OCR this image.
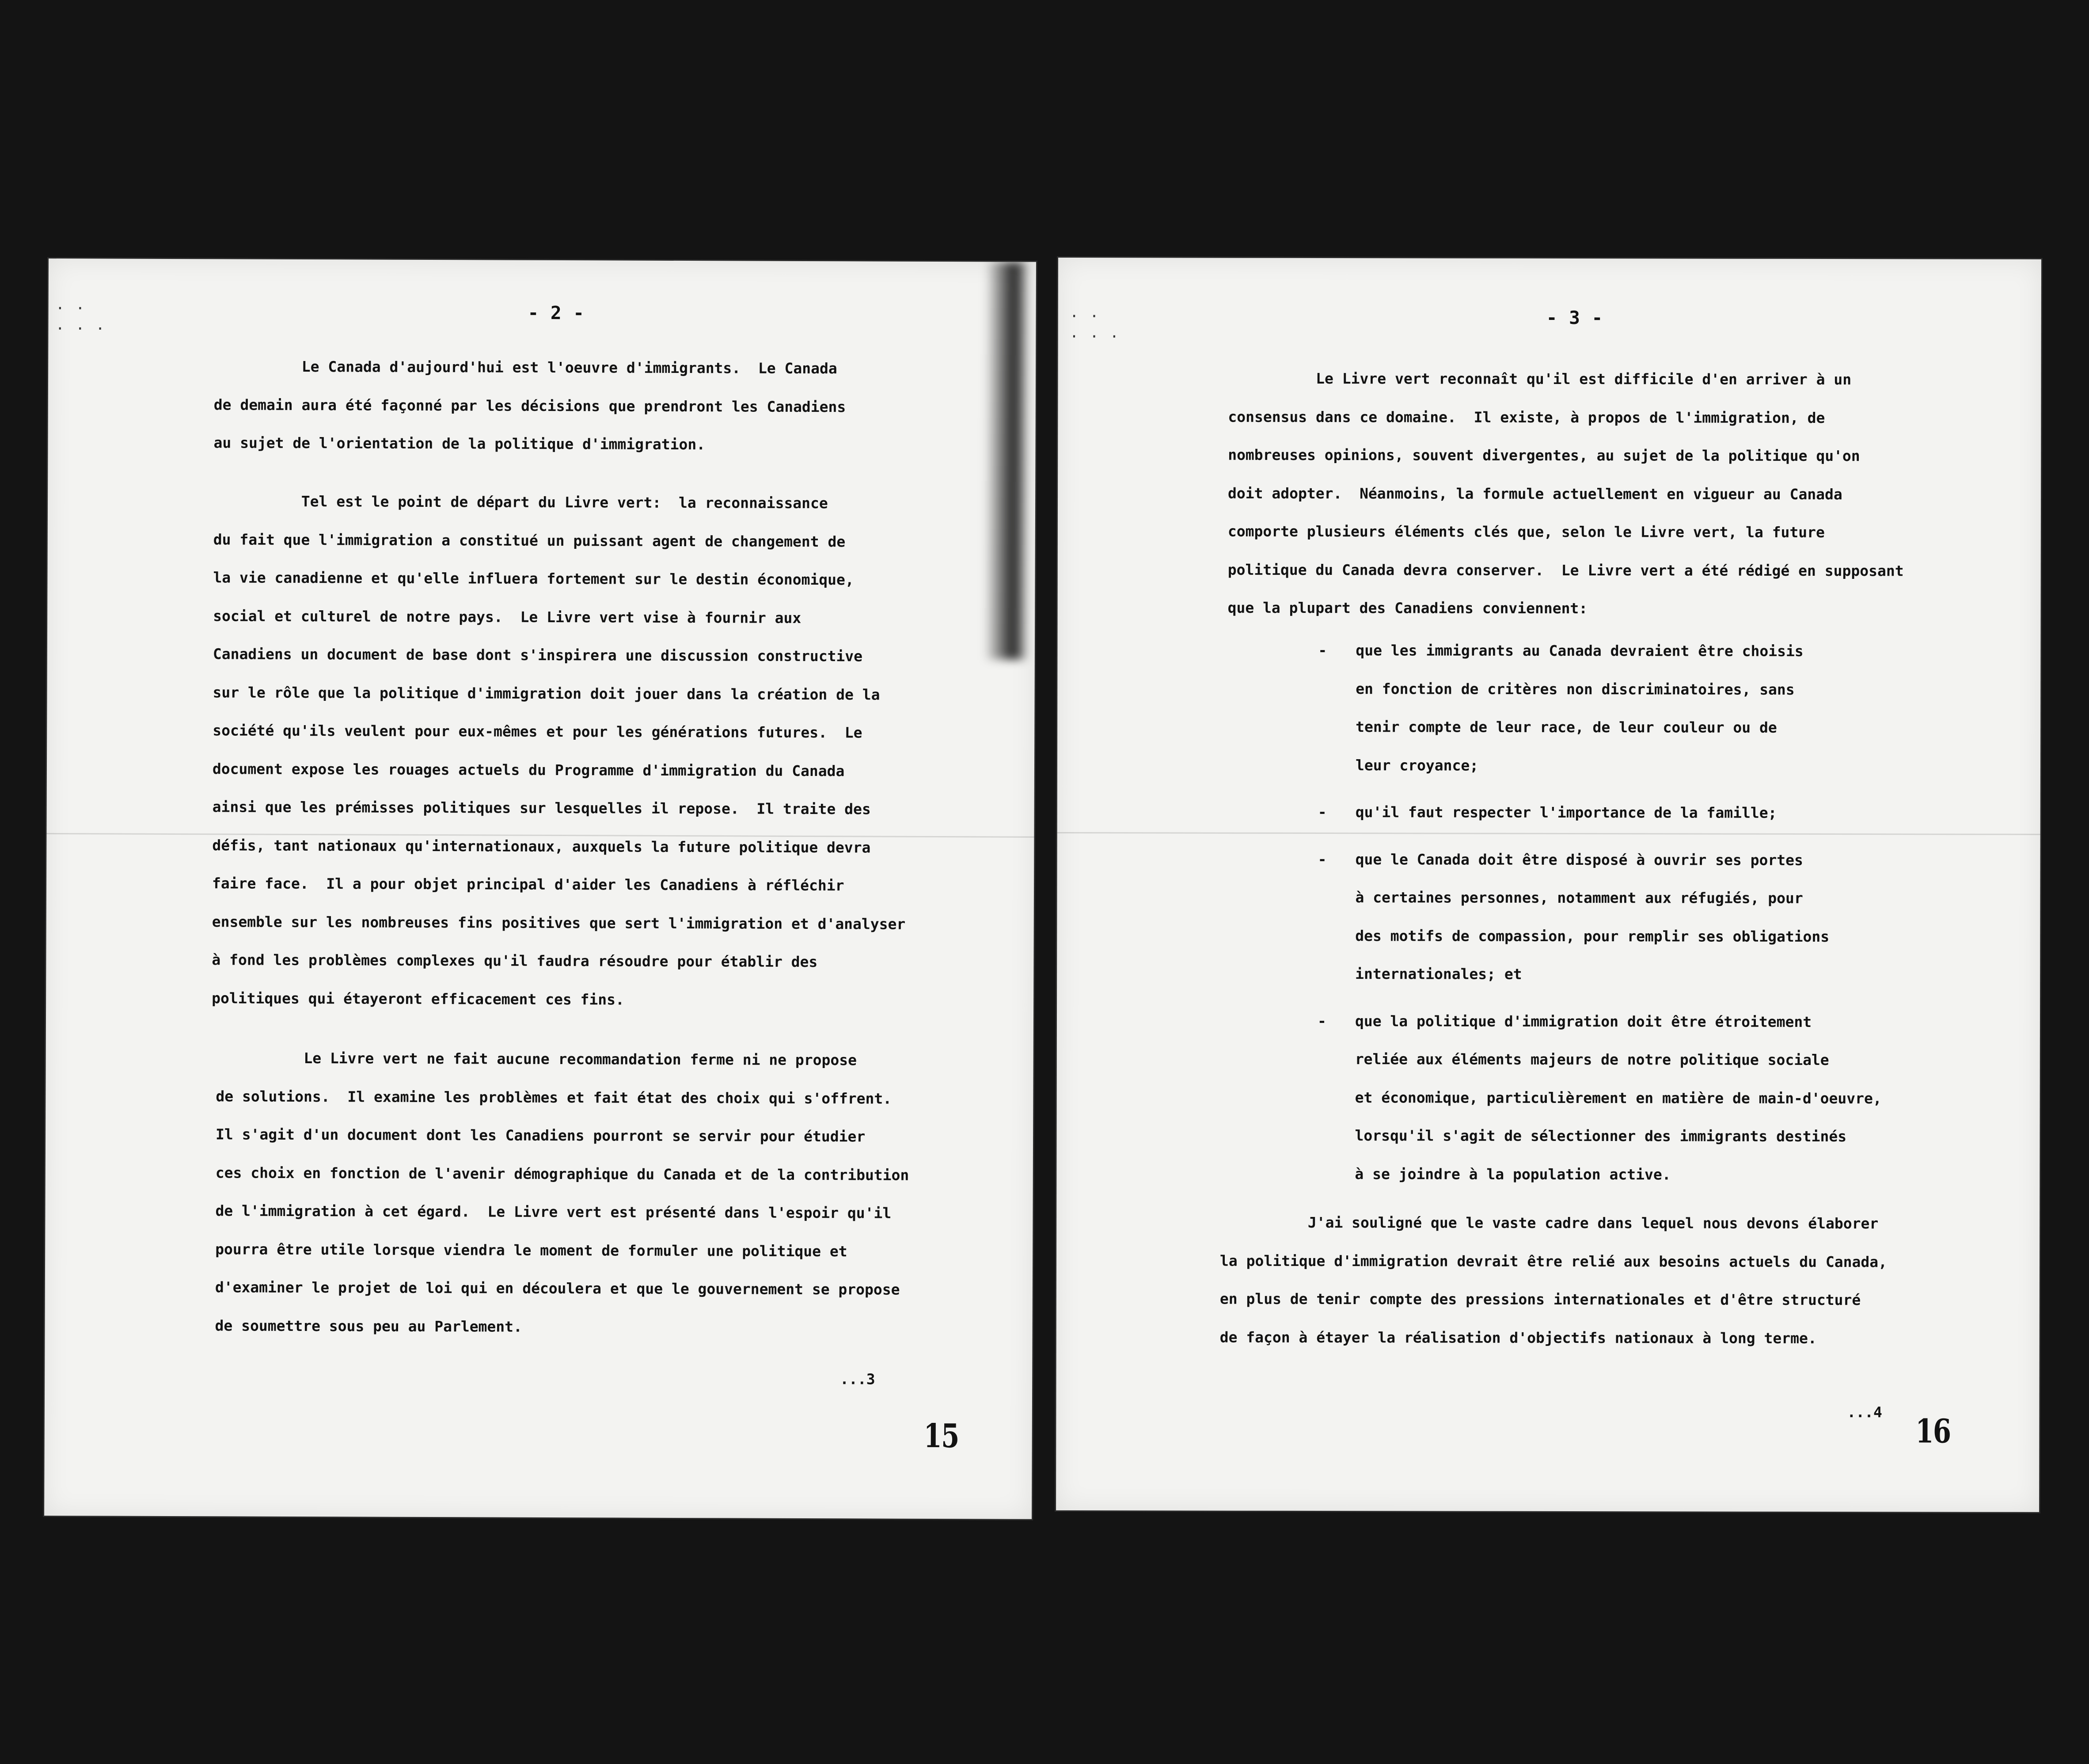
· ·
· · ·
- 2 -
Le Canada d'aujourd'hui est l'oeuvre d'immigrants.  Le Canada
de demain aura été façonné par les décisions que prendront les Canadiens
au sujet de l'orientation de la politique d'immigration.
Tel est le point de départ du Livre vert:  la reconnaissance
du fait que l'immigration a constitué un puissant agent de changement de
la vie canadienne et qu'elle influera fortement sur le destin économique,
social et culturel de notre pays.  Le Livre vert vise à fournir aux
Canadiens un document de base dont s'inspirera une discussion constructive
sur le rôle que la politique d'immigration doit jouer dans la création de la
société qu'ils veulent pour eux-mêmes et pour les générations futures.  Le
document expose les rouages actuels du Programme d'immigration du Canada
ainsi que les prémisses politiques sur lesquelles il repose.  Il traite des
défis, tant nationaux qu'internationaux, auxquels la future politique devra
faire face.  Il a pour objet principal d'aider les Canadiens à réfléchir
ensemble sur les nombreuses fins positives que sert l'immigration et d'analyser
à fond les problèmes complexes qu'il faudra résoudre pour établir des
politiques qui étayeront efficacement ces fins.
Le Livre vert ne fait aucune recommandation ferme ni ne propose
de solutions.  Il examine les problèmes et fait état des choix qui s'offrent.
Il s'agit d'un document dont les Canadiens pourront se servir pour étudier
ces choix en fonction de l'avenir démographique du Canada et de la contribution
de l'immigration à cet égard.  Le Livre vert est présenté dans l'espoir qu'il
pourra être utile lorsque viendra le moment de formuler une politique et
d'examiner le projet de loi qui en découlera et que le gouvernement se propose
de soumettre sous peu au Parlement.
...3
15
· ·
· · ·
- 3 -
Le Livre vert reconnaît qu'il est difficile d'en arriver à un
consensus dans ce domaine.  Il existe, à propos de l'immigration, de
nombreuses opinions, souvent divergentes, au sujet de la politique qu'on
doit adopter.  Néanmoins, la formule actuellement en vigueur au Canada
comporte plusieurs éléments clés que, selon le Livre vert, la future
politique du Canada devra conserver.  Le Livre vert a été rédigé en supposant
que la plupart des Canadiens conviennent:
- que les immigrants au Canada devraient être choisis
en fonction de critères non discriminatoires, sans
tenir compte de leur race, de leur couleur ou de
leur croyance;
- qu'il faut respecter l'importance de la famille;
- que le Canada doit être disposé à ouvrir ses portes
à certaines personnes, notamment aux réfugiés, pour
des motifs de compassion, pour remplir ses obligations
internationales; et
- que la politique d'immigration doit être étroitement
reliée aux éléments majeurs de notre politique sociale
et économique, particulièrement en matière de main-d'oeuvre,
lorsqu'il s'agit de sélectionner des immigrants destinés
à se joindre à la population active.
J'ai souligné que le vaste cadre dans lequel nous devons élaborer
la politique d'immigration devrait être relié aux besoins actuels du Canada,
en plus de tenir compte des pressions internationales et d'être structuré
de façon à étayer la réalisation d'objectifs nationaux à long terme.
...4
16
